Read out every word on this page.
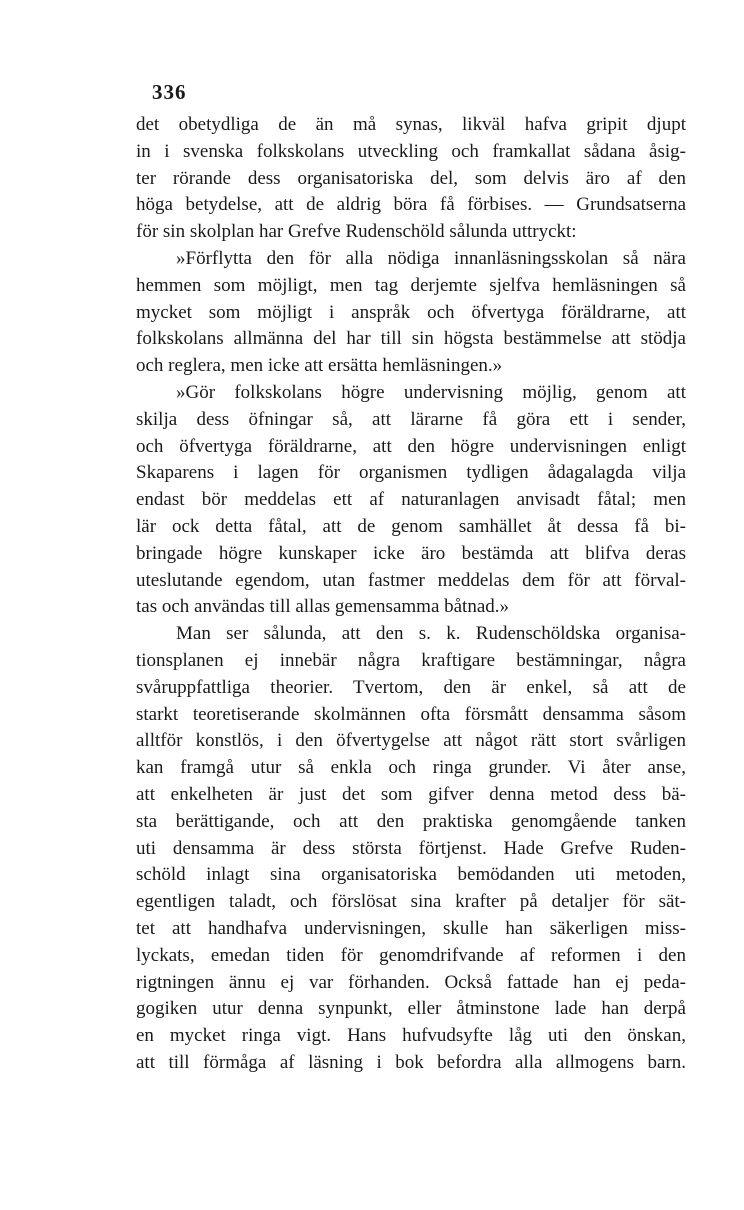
336
det obetydliga de än må synas, likväl hafva gripit djupt
in i svenska folkskolans utveckling och framkallat sådana åsig-
ter rörande dess organisatoriska del, som delvis äro af den
höga betydelse, att de aldrig böra få förbises. — Grundsatserna
för sin skolplan har Grefve Rudenschöld sålunda uttryckt:
»Förflytta den för alla nödiga innanläsningsskolan så nära
hemmen som möjligt, men tag derjemte sjelfva hemläsningen så
mycket som möjligt i anspråk och öfvertyga föräldrarne, att
folkskolans allmänna del har till sin högsta bestämmelse att stödja
och reglera, men icke att ersätta hemläsningen.»
»Gör folkskolans högre undervisning möjlig, genom att
skilja dess öfningar så, att lärarne få göra ett i sender,
och öfvertyga föräldrarne, att den högre undervisningen enligt
Skaparens i lagen för organismen tydligen ådagalagda vilja
endast bör meddelas ett af naturanlagen anvisadt fåtal; men
lär ock detta fåtal, att de genom samhället åt dessa få bi-
bringade högre kunskaper icke äro bestämda att blifva deras
uteslutande egendom, utan fastmer meddelas dem för att förval-
tas och användas till allas gemensamma båtnad.»
Man ser sålunda, att den s. k. Rudenschöldska organisa-
tionsplanen ej innebär några kraftigare bestämningar, några
svåruppfattliga theorier. Tvertom, den är enkel, så att de
starkt teoretiserande skolmännen ofta försmått densamma såsom
alltför konstlös, i den öfvertygelse att något rätt stort svårligen
kan framgå utur så enkla och ringa grunder. Vi åter anse,
att enkelheten är just det som gifver denna metod dess bä-
sta berättigande, och att den praktiska genomgående tanken
uti densamma är dess största förtjenst. Hade Grefve Ruden-
schöld inlagt sina organisatoriska bemödanden uti metoden,
egentligen taladt, och förslösat sina krafter på detaljer för sät-
tet att handhafva undervisningen, skulle han säkerligen miss-
lyckats, emedan tiden för genomdrifvande af reformen i den
rigtningen ännu ej var förhanden. Också fattade han ej peda-
gogiken utur denna synpunkt, eller åtminstone lade han derpå
en mycket ringa vigt. Hans hufvudsyfte låg uti den önskan,
att till förmåga af läsning i bok befordra alla allmogens barn.
